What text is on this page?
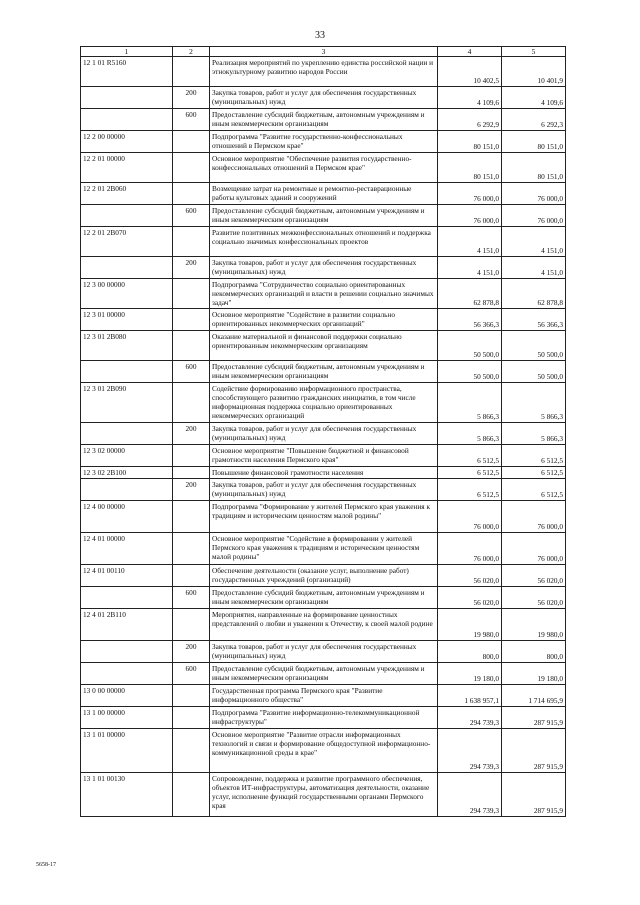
33
1	2	3	4	5
12 1 01 R5160		Реализация мероприятий по укреплению единства российской нации и этнокультурному развитию народов России	10 402,5	10 401,9
	200	Закупка товаров, работ и услуг для обеспечения государственных (муниципальных) нужд	4 109,6	4 109,6
	600	Предоставление субсидий бюджетным, автономным учреждениям и иным некоммерческим организациям	6 292,9	6 292,3
12 2 00 00000		Подпрограмма "Развитие государственно-конфессиональных отношений в Пермском крае"	80 151,0	80 151,0
12 2 01 00000		Основное мероприятие "Обеспечение развития государственно-конфессиональных отношений в Пермском крае"	80 151,0	80 151,0
12 2 01 2В060		Возмещение затрат на ремонтные и ремонтно-реставрационные работы культовых зданий и сооружений	76 000,0	76 000,0
	600	Предоставление субсидий бюджетным, автономным учреждениям и иным некоммерческим организациям	76 000,0	76 000,0
12 2 01 2В070		Развитие позитивных межконфессиональных отношений и поддержка социально значимых конфессиональных проектов	4 151,0	4 151,0
	200	Закупка товаров, работ и услуг для обеспечения государственных (муниципальных) нужд	4 151,0	4 151,0
12 3 00 00000		Подпрограмма "Сотрудничество социально ориентированных некоммерческих организаций и власти в решении социально значимых задач"	62 878,8	62 878,8
12 3 01 00000		Основное мероприятие "Содействие в развитии социально ориентированных некоммерческих организаций"	56 366,3	56 366,3
12 3 01 2В080		Оказание материальной и финансовой поддержки социально ориентированным некоммерческим организациям	50 500,0	50 500,0
	600	Предоставление субсидий бюджетным, автономным учреждениям и иным некоммерческим организациям	50 500,0	50 500,0
12 3 01 2В090		Содействие формированию информационного пространства, способствующего развитию гражданских инициатив, в том числе информационная поддержка социально ориентированных некоммерческих организаций	5 866,3	5 866,3
	200	Закупка товаров, работ и услуг для обеспечения государственных (муниципальных) нужд	5 866,3	5 866,3
12 3 02 00000		Основное мероприятие "Повышение бюджетной и финансовой грамотности населения Пермского края"	6 512,5	6 512,5
12 3 02 2В100		Повышение финансовой грамотности населения	6 512,5	6 512,5
	200	Закупка товаров, работ и услуг для обеспечения государственных (муниципальных) нужд	6 512,5	6 512,5
12 4 00 00000		Подпрограмма "Формирование у жителей Пермского края уважения к традициям и историческим ценностям малой родины"	76 000,0	76 000,0
12 4 01 00000		Основное мероприятие "Содействие в формировании у жителей Пермского края уважения к традициям и историческим ценностям малой родины"	76 000,0	76 000,0
12 4 01 00110		Обеспечение деятельности (оказание услуг, выполнение работ) государственных учреждений (организаций)	56 020,0	56 020,0
	600	Предоставление субсидий бюджетным, автономным учреждениям и иным некоммерческим организациям	56 020,0	56 020,0
12 4 01 2В110		Мероприятия, направленные на формирование ценностных представлений о любви и уважении к Отечеству, к своей малой родине	19 980,0	19 980,0
	200	Закупка товаров, работ и услуг для обеспечения государственных (муниципальных) нужд	800,0	800,0
	600	Предоставление субсидий бюджетным, автономным учреждениям и иным некоммерческим организациям	19 180,0	19 180,0
13 0 00 00000		Государственная программа Пермского края "Развитие информационного общества"	1 638 957,1	1 714 695,9
13 1 00 00000		Подпрограмма "Развитие информационно-телекоммуникационной инфраструктуры"	294 739,3	287 915,9
13 1 01 00000		Основное мероприятие "Развитие отрасли информационных технологий и связи и формирование общедоступной информационно-коммуникационной среды в крае"	294 739,3	287 915,9
13 1 01 00130		Сопровождение, поддержка и развитие программного обеспечения, объектов ИТ-инфраструктуры, автоматизация деятельности, оказание услуг, исполнение функций государственными органами Пермского края	294 739,3	287 915,9
5658-17
